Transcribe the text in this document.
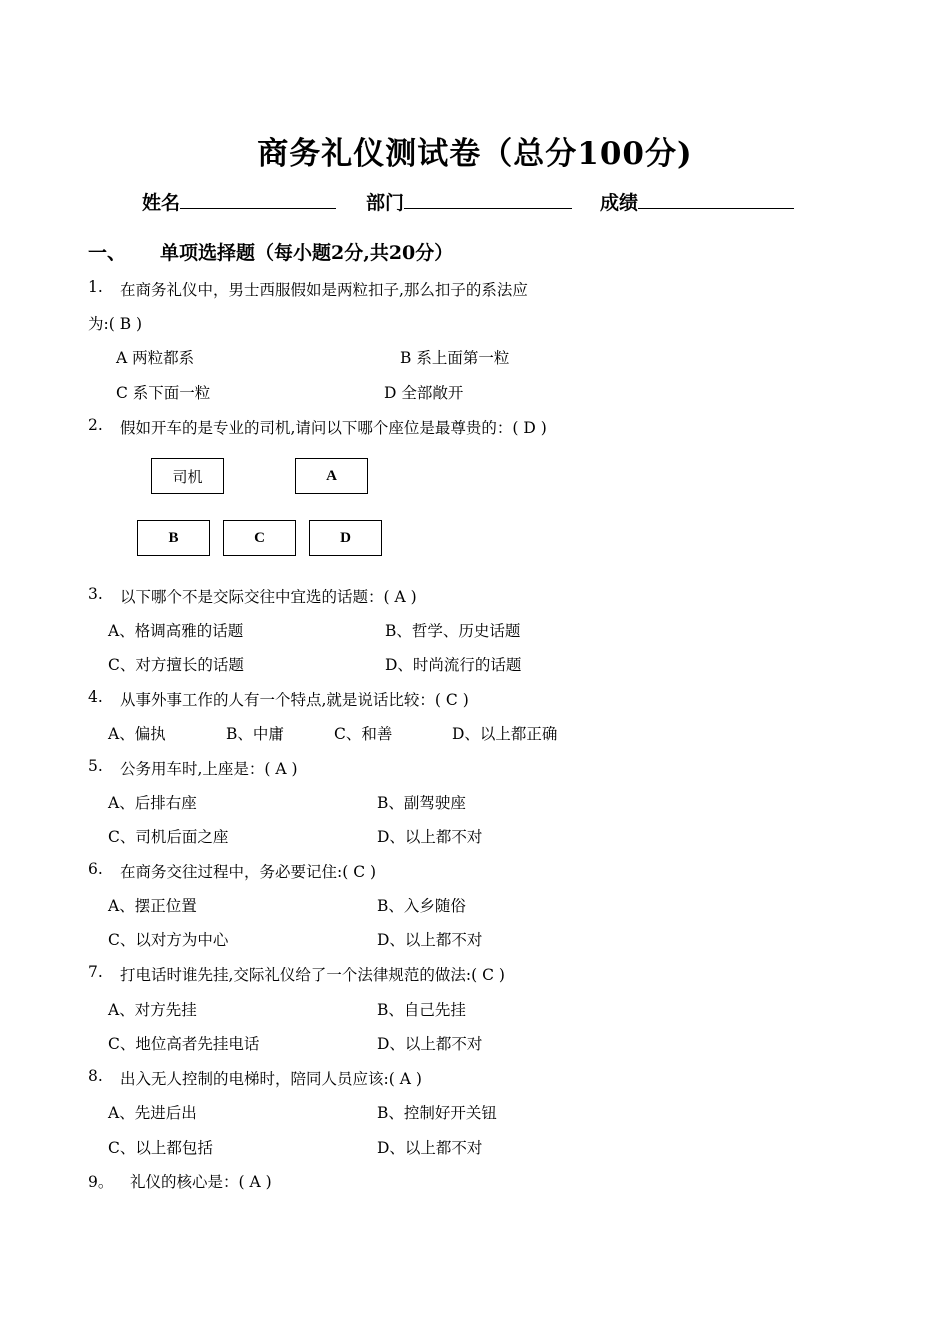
商务礼仪测试卷（总分100分)
姓名	部门	成绩
一、 单项选择题（每小题2分,共20分）
1. 在商务礼仪中，男士西服假如是两粒扣子,那么扣子的系法应
为:( B )
A 两粒都系	B 系上面第一粒
C 系下面一粒	D 全部敞开
2. 假如开车的是专业的司机,请问以下哪个座位是最尊贵的：( D )
司机	A
B	C	D
3. 以下哪个不是交际交往中宜选的话题：( A )
A、格调高雅的话题	B、哲学、历史话题
C、对方擅长的话题	D、时尚流行的话题
4. 从事外事工作的人有一个特点,就是说话比较：( C )
A、偏执	B、中庸	C、和善	D、以上都正确
5. 公务用车时,上座是：( A )
A、后排右座	B、副驾驶座
C、司机后面之座	D、以上都不对
6. 在商务交往过程中，务必要记住:( C )
A、摆正位置	B、入乡随俗
C、以对方为中心	D、以上都不对
7. 打电话时谁先挂,交际礼仪给了一个法律规范的做法:( C )
A、对方先挂	B、自己先挂
C、地位高者先挂电话	D、以上都不对
8. 出入无人控制的电梯时，陪同人员应该:( A )
A、先进后出	B、控制好开关钮
C、以上都包括	D、以上都不对
9。 礼仪的核心是：( A )
